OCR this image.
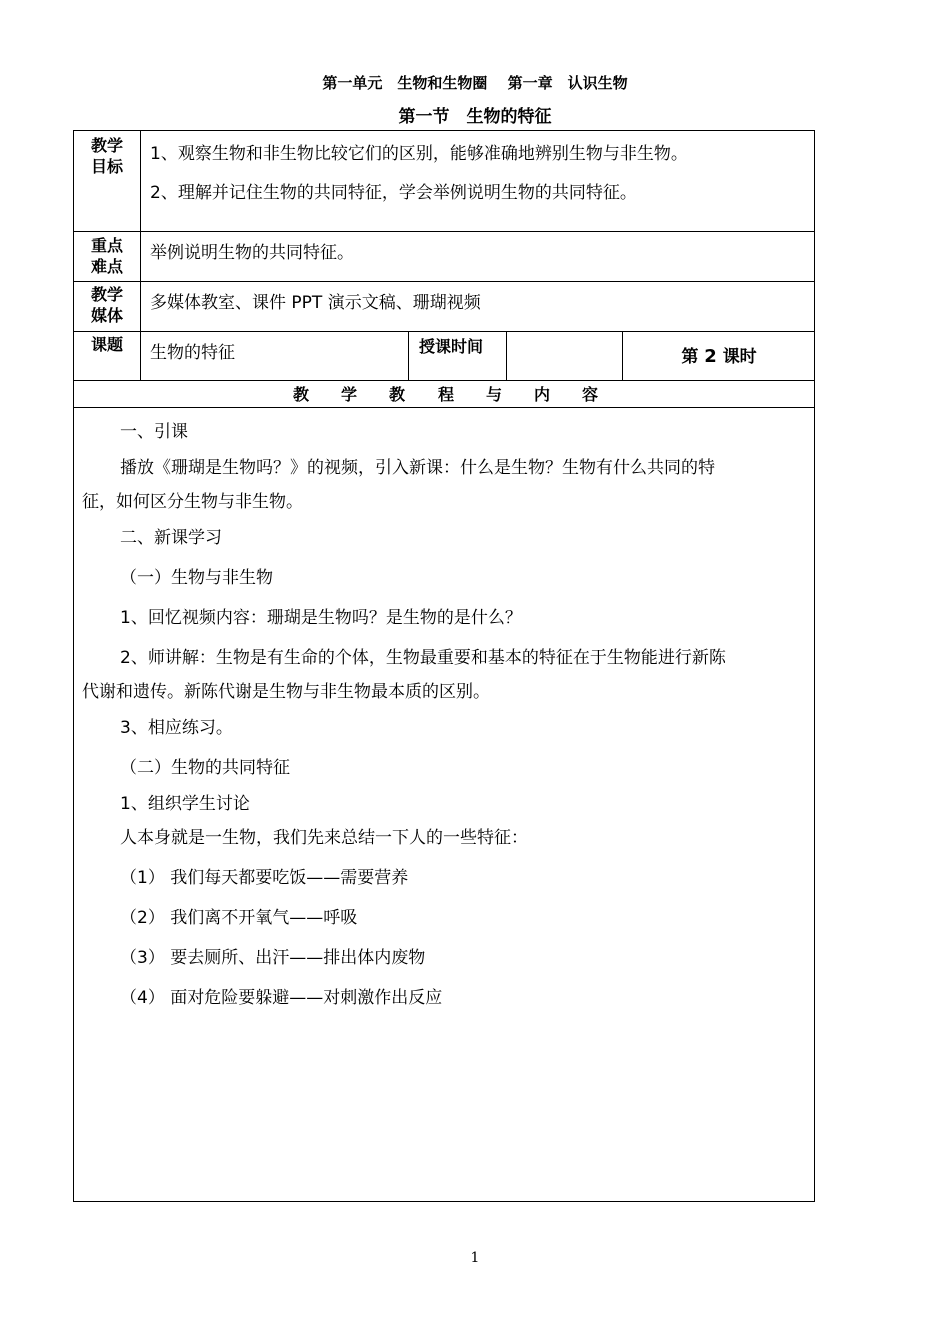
第一单元　生物和生物圈　 第一章　认识生物
第一节　生物的特征
教学
目标
1、观察生物和非生物比较它们的区别，能够准确地辨别生物与非生物。
2、理解并记住生物的共同特征，学会举例说明生物的共同特征。
重点
难点
举例说明生物的共同特征。
教学
媒体
多媒体教室、课件 PPT 演示文稿、珊瑚视频
课题	生物的特征	授课时间
第 2 课时
教 学 教 程 与 内 容

一、引课

播放《珊瑚是生物吗？》的视频，引入新课：什么是生物？生物有什么共同的特

征，如何区分生物与非生物。

二、新课学习

（一）生物与非生物

1、回忆视频内容：珊瑚是生物吗？是生物的是什么？

2、师讲解：生物是有生命的个体，生物最重要和基本的特征在于生物能进行新陈

代谢和遗传。新陈代谢是生物与非生物最本质的区别。

3、相应练习。

（二）生物的共同特征

1、组织学生讨论

人本身就是一生物，我们先来总结一下人的一些特征：

（1） 我们每天都要吃饭——需要营养

（2） 我们离不开氧气——呼吸

（3） 要去厕所、出汗——排出体内废物

（4） 面对危险要躲避——对刺激作出反应

1
